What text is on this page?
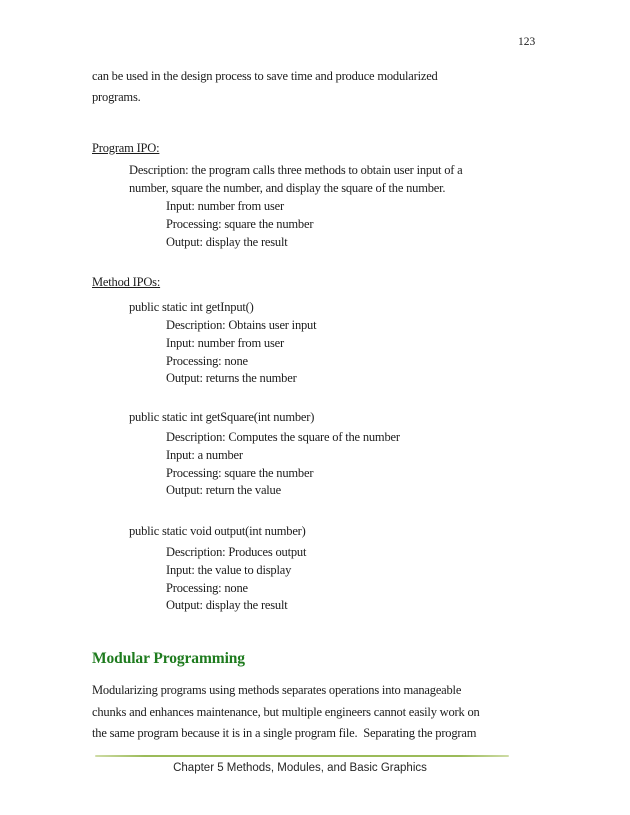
123
can be used in the design process to save time and produce modularized
programs.
Program IPO:
Description: the program calls three methods to obtain user input of a
number, square the number, and display the square of the number.
Input: number from user
Processing: square the number
Output: display the result
Method IPOs:
public static int getInput()
Description: Obtains user input
Input: number from user
Processing: none
Output: returns the number
public static int getSquare(int number)
Description: Computes the square of the number
Input: a number
Processing: square the number
Output: return the value
public static void output(int number)
Description: Produces output
Input: the value to display
Processing: none
Output: display the result
Modular Programming
Modularizing programs using methods separates operations into manageable
chunks and enhances maintenance, but multiple engineers cannot easily work on
the same program because it is in a single program file.  Separating the program
Chapter 5 Methods, Modules, and Basic Graphics
